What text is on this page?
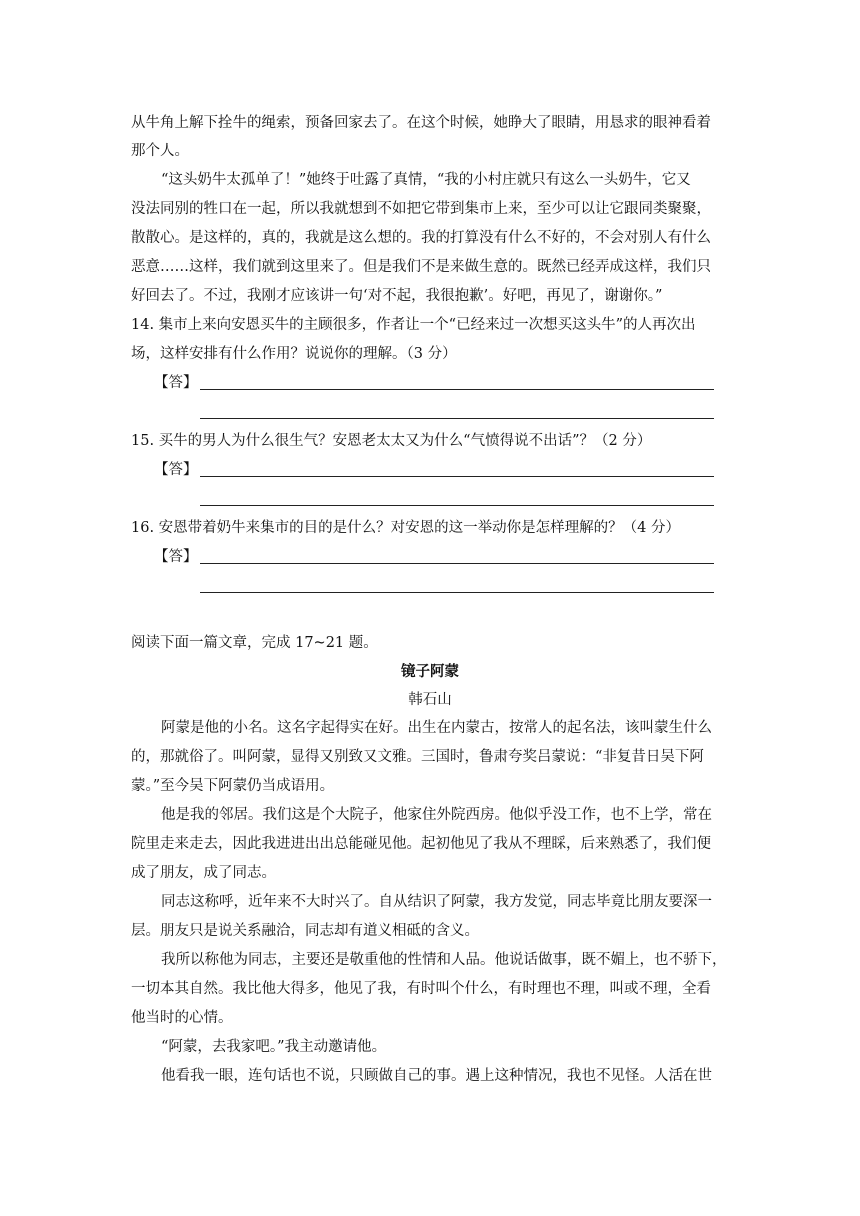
从牛角上解下拴牛的绳索，预备回家去了。在这个时候，她睁大了眼睛，用恳求的眼神看着
那个人。
“这头奶牛太孤单了！”她终于吐露了真情，“我的小村庄就只有这么一头奶牛，它又
没法同别的牲口在一起，所以我就想到不如把它带到集市上来，至少可以让它跟同类聚聚，
散散心。是这样的，真的，我就是这么想的。我的打算没有什么不好的，不会对别人有什么
恶意……这样，我们就到这里来了。但是我们不是来做生意的。既然已经弄成这样，我们只
好回去了。不过，我刚才应该讲一句‘对不起，我很抱歉’。好吧，再见了，谢谢你。”
14. 集市上来向安恩买牛的主顾很多，作者让一个“已经来过一次想买这头牛”的人再次出
场，这样安排有什么作用？说说你的理解。（3 分）
【答】
15. 买牛的男人为什么很生气？安恩老太太又为什么“气愤得说不出话”？（2 分）
【答】
16. 安恩带着奶牛来集市的目的是什么？对安恩的这一举动你是怎样理解的？（4 分）
【答】
阅读下面一篇文章，完成 17~21 题。
镜子阿蒙
韩石山
阿蒙是他的小名。这名字起得实在好。出生在内蒙古，按常人的起名法，该叫蒙生什么
的，那就俗了。叫阿蒙，显得又别致又文雅。三国时，鲁肃夸奖吕蒙说：“非复昔日吴下阿
蒙。”至今吴下阿蒙仍当成语用。
他是我的邻居。我们这是个大院子，他家住外院西房。他似乎没工作，也不上学，常在
院里走来走去，因此我进进出出总能碰见他。起初他见了我从不理睬，后来熟悉了，我们便
成了朋友，成了同志。
同志这称呼，近年来不大时兴了。自从结识了阿蒙，我方发觉，同志毕竟比朋友要深一
层。朋友只是说关系融洽，同志却有道义相砥的含义。
我所以称他为同志，主要还是敬重他的性情和人品。他说话做事，既不媚上，也不骄下，
一切本其自然。我比他大得多，他见了我，有时叫个什么，有时理也不理，叫或不理，全看
他当时的心情。
“阿蒙，去我家吧。”我主动邀请他。
他看我一眼，连句话也不说，只顾做自己的事。遇上这种情况，我也不见怪。人活在世
